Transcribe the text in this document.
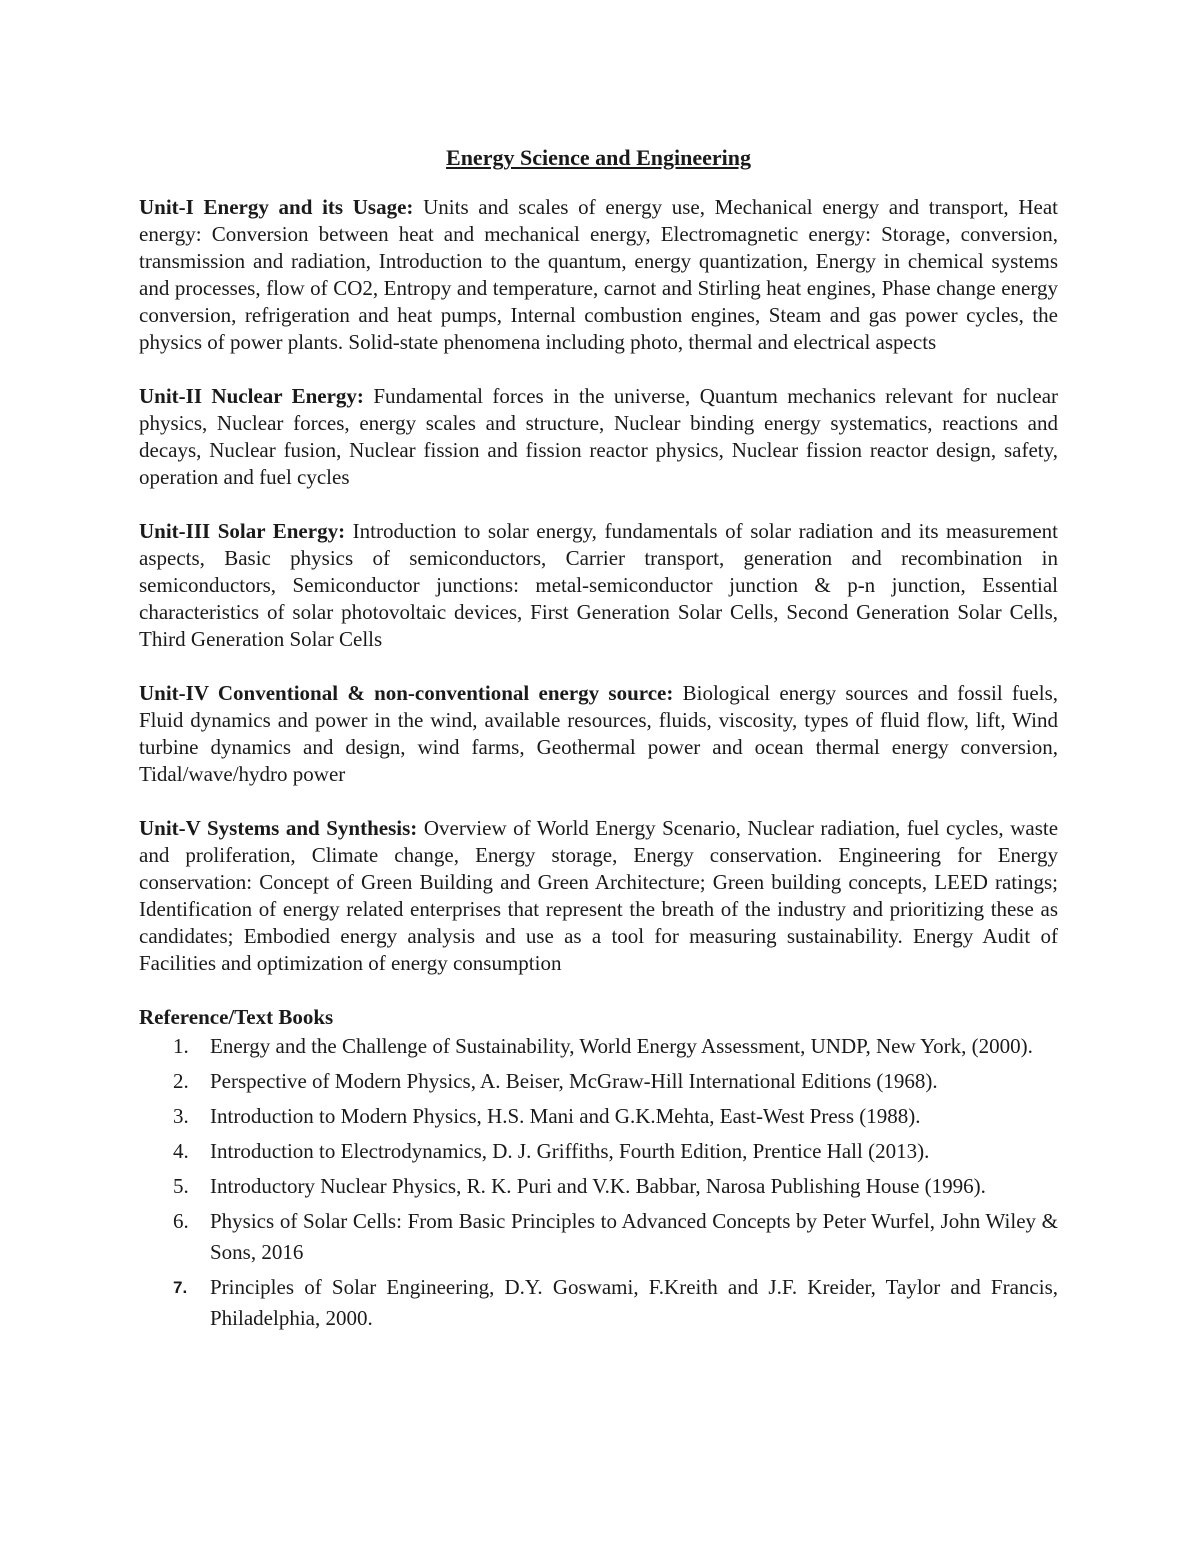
Energy Science and Engineering

Unit-I Energy and its Usage: Units and scales of energy use, Mechanical energy and transport, Heat energy: Conversion between heat and mechanical energy, Electromagnetic energy: Storage, conversion, transmission and radiation, Introduction to the quantum, energy quantization, Energy in chemical systems and processes, flow of CO2, Entropy and temperature, carnot and Stirling heat engines, Phase change energy conversion, refrigeration and heat pumps, Internal combustion engines, Steam and gas power cycles, the physics of power plants. Solid-state phenomena including photo, thermal and electrical aspects

Unit-II Nuclear Energy: Fundamental forces in the universe, Quantum mechanics relevant for nuclear physics, Nuclear forces, energy scales and structure, Nuclear binding energy systematics, reactions and decays, Nuclear fusion, Nuclear fission and fission reactor physics, Nuclear fission reactor design, safety, operation and fuel cycles

Unit-III Solar Energy: Introduction to solar energy, fundamentals of solar radiation and its measurement aspects, Basic physics of semiconductors, Carrier transport, generation and recombination in semiconductors, Semiconductor junctions: metal-semiconductor junction & p-n junction, Essential characteristics of solar photovoltaic devices, First Generation Solar Cells, Second Generation Solar Cells, Third Generation Solar Cells

Unit-IV Conventional & non-conventional energy source: Biological energy sources and fossil fuels, Fluid dynamics and power in the wind, available resources, fluids, viscosity, types of fluid flow, lift, Wind turbine dynamics and design, wind farms, Geothermal power and ocean thermal energy conversion, Tidal/wave/hydro power

Unit-V Systems and Synthesis: Overview of World Energy Scenario, Nuclear radiation, fuel cycles, waste and proliferation, Climate change, Energy storage, Energy conservation. Engineering for Energy conservation: Concept of Green Building and Green Architecture; Green building concepts, LEED ratings; Identification of energy related enterprises that represent the breath of the industry and prioritizing these as candidates; Embodied energy analysis and use as a tool for measuring sustainability. Energy Audit of Facilities and optimization of energy consumption

Reference/Text Books
1. Energy and the Challenge of Sustainability, World Energy Assessment, UNDP, New York, (2000).
2. Perspective of Modern Physics, A. Beiser, McGraw-Hill International Editions (1968).
3. Introduction to Modern Physics, H.S. Mani and G.K.Mehta, East-West Press (1988).
4. Introduction to Electrodynamics, D. J. Griffiths, Fourth Edition, Prentice Hall (2013).
5. Introductory Nuclear Physics, R. K. Puri and V.K. Babbar, Narosa Publishing House (1996).
6. Physics of Solar Cells: From Basic Principles to Advanced Concepts by Peter Wurfel, John Wiley & Sons, 2016
7. Principles of Solar Engineering, D.Y. Goswami, F.Kreith and J.F. Kreider, Taylor and Francis, Philadelphia, 2000.
